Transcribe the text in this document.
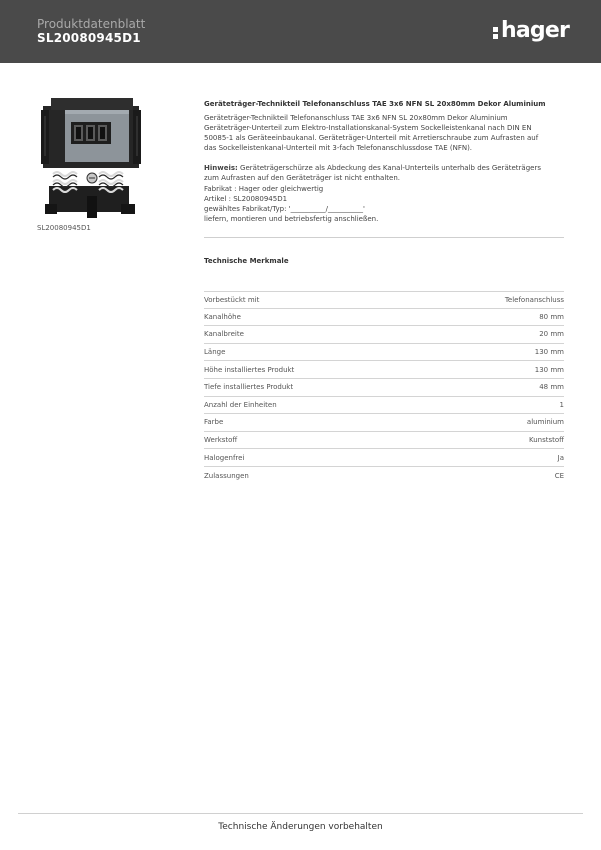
Produktdatenblatt
SL20080945D1	hager
SL20080945D1
Geräteträger-Technikteil Telefonanschluss TAE 3x6 NFN SL 20x80mm Dekor Aluminium

Geräteträger-Technikteil Telefonanschluss TAE 3x6 NFN SL 20x80mm Dekor Aluminium

Geräteträger-Unterteil zum Elektro-Installationskanal-System Sockelleistenkanal nach DIN EN

50085-1 als Geräteeinbaukanal. Geräteträger-Unterteil mit Arretierschraube zum Aufrasten auf

das Sockelleistenkanal-Unterteil mit 3-fach Telefonanschlussdose TAE (NFN).

Hinweis: Geräteträgerschürze als Abdeckung des Kanal-Unterteils unterhalb des Geräteträgers

zum Aufrasten auf den Geräteträger ist nicht enthalten.

Fabrikat : Hager oder gleichwertig

Artikel : SL20080945D1

gewähltes Fabrikat/Typ: '__________/__________'

liefern, montieren und betriebsfertig anschließen.

Technische Merkmale
Vorbestückt mit	Telefonanschluss
Kanalhöhe	80 mm
Kanalbreite	20 mm
Länge	130 mm
Höhe installiertes Produkt	130 mm
Tiefe installiertes Produkt	48 mm
Anzahl der Einheiten	1
Farbe	aluminium
Werkstoff	Kunststoff
Halogenfrei	Ja
Zulassungen	CE
Technische Änderungen vorbehalten
